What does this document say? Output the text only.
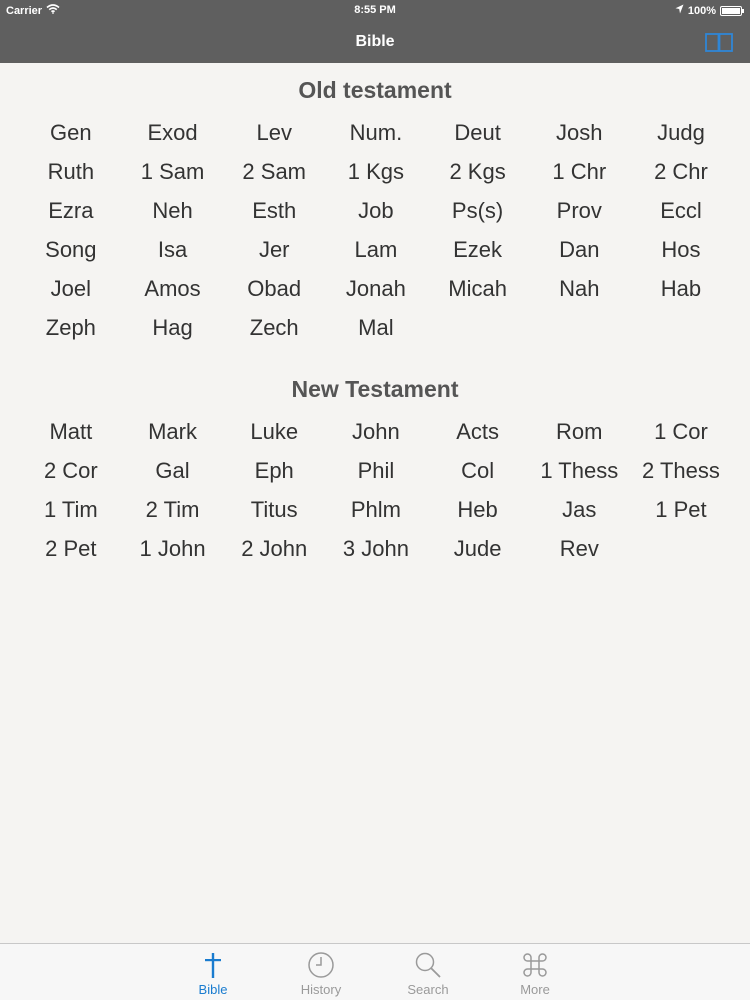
Carrier	8:55 PM	100%
Bible
Old testament
Gen	Exod	Lev	Num.	Deut	Josh	Judg
Ruth	1 Sam	2 Sam	1 Kgs	2 Kgs	1 Chr	2 Chr
Ezra	Neh	Esth	Job	Ps(s)	Prov	Eccl
Song	Isa	Jer	Lam	Ezek	Dan	Hos
Joel	Amos	Obad	Jonah	Micah	Nah	Hab
Zeph	Hag	Zech	Mal
New Testament
Matt	Mark	Luke	John	Acts	Rom	1 Cor
2 Cor	Gal	Eph	Phil	Col	1 Thess	2 Thess
1 Tim	2 Tim	Titus	Phlm	Heb	Jas	1 Pet
2 Pet	1 John	2 John	3 John	Jude	Rev
Bible	History	Search	More
